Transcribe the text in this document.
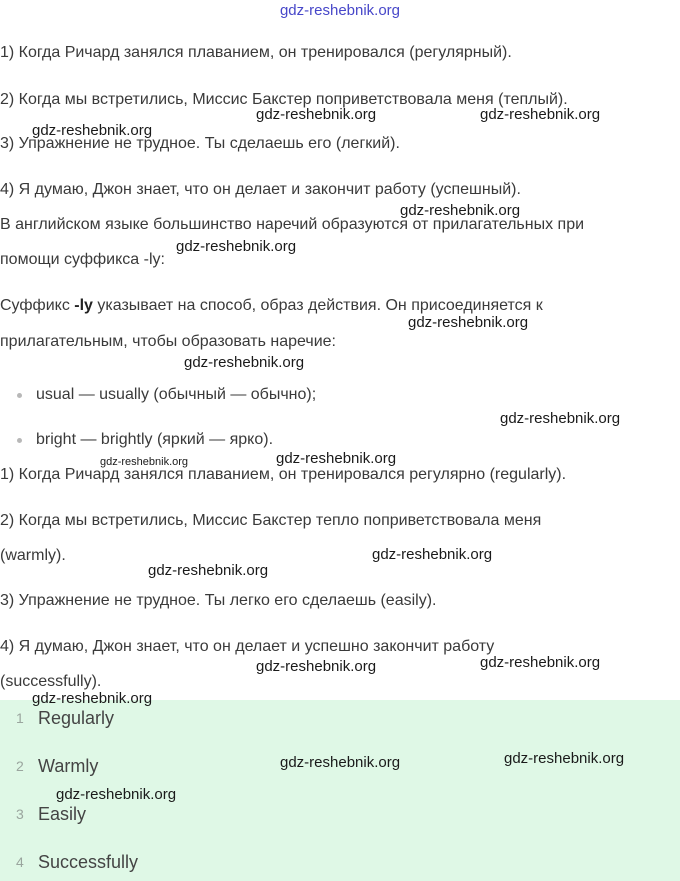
gdz-reshebnik.org
1) Когда Ричард занялся плаванием, он тренировался (регулярный).
2) Когда мы встретились, Миссис Бакстер поприветствовала меня (теплый).
3) Упражнение не трудное. Ты сделаешь его (легкий).
4) Я думаю, Джон знает, что он делает и закончит работу (успешный).
В английском языке большинство наречий образуются от прилагательных при
помощи суффикса -ly:
Суффикс -ly указывает на способ, образ действия. Он присоединяется к
прилагательным, чтобы образовать наречие:
usual — usually (обычный — обычно);
bright — brightly (яркий — ярко).
1) Когда Ричард занялся плаванием, он тренировался регулярно (regularly).
2) Когда мы встретились, Миссис Бакстер тепло поприветствовала меня
(warmly).
3) Упражнение не трудное. Ты легко его сделаешь (easily).
4) Я думаю, Джон знает, что он делает и успешно закончит работу
(successfully).
1 Regularly
2 Warmly
3 Easily
4 Successfully
gdz-reshebnik.org
gdz-reshebnik.org	gdz-reshebnik.org
gdz-reshebnik.org
gdz-reshebnik.org
gdz-reshebnik.org
gdz-reshebnik.org
gdz-reshebnik.org
gdz-reshebnik.org	gdz-reshebnik.org
gdz-reshebnik.org
gdz-reshebnik.org
gdz-reshebnik.org	gdz-reshebnik.org
gdz-reshebnik.org
gdz-reshebnik.org	gdz-reshebnik.org
gdz-reshebnik.org
